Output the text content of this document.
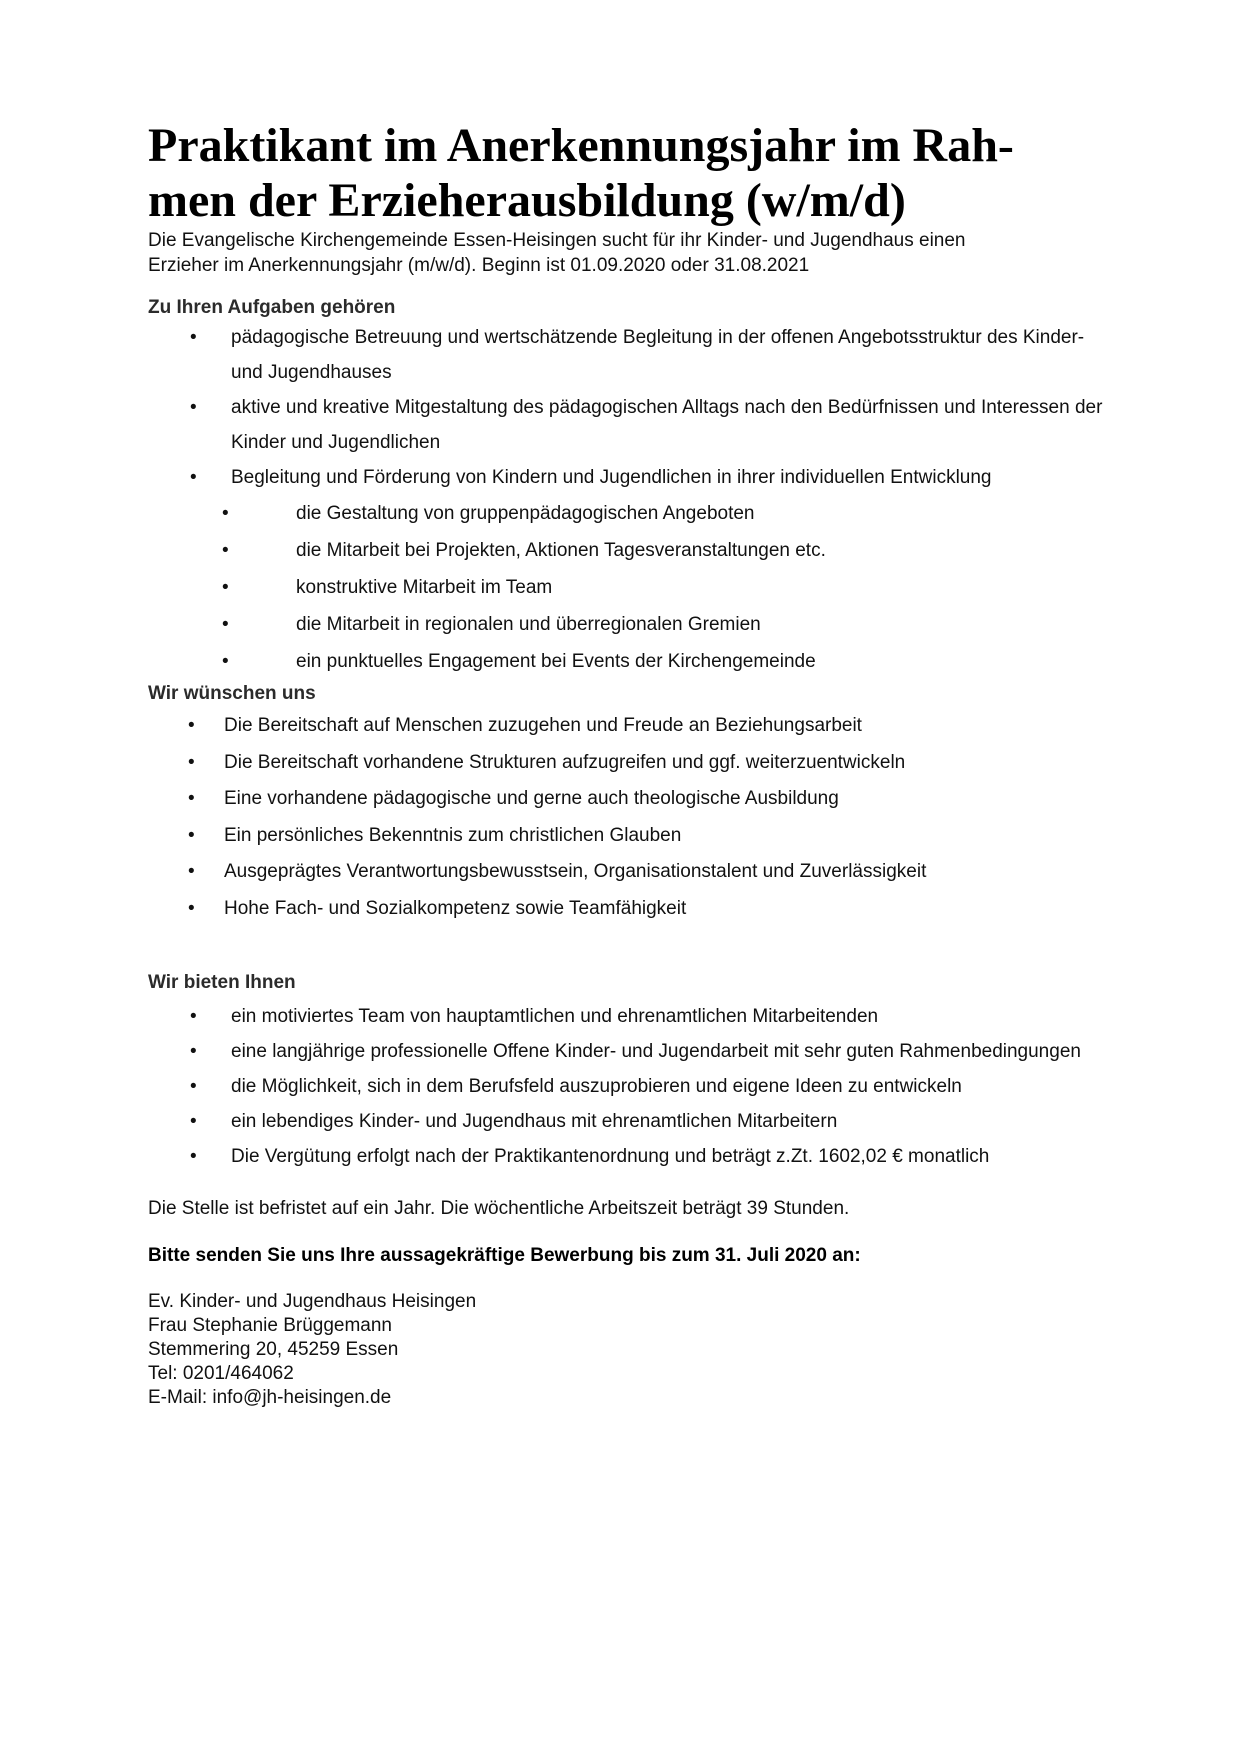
Praktikant im Anerkennungsjahr im Rah-
men der Erzieherausbildung (w/m/d)

Die Evangelische Kirchengemeinde Essen-Heisingen sucht für ihr Kinder- und Jugendhaus einen
Erzieher im Anerkennungsjahr (m/w/d). Beginn ist 01.09.2020 oder 31.08.2021

Zu Ihren Aufgaben gehören
• pädagogische Betreuung und wertschätzende Begleitung in der offenen Angebotsstruktur des Kinder- und Jugendhauses
• aktive und kreative Mitgestaltung des pädagogischen Alltags nach den Bedürfnissen und Interessen der Kinder und Jugendlichen
• Begleitung und Förderung von Kindern und Jugendlichen in ihrer individuellen Entwicklung
• die Gestaltung von gruppenpädagogischen Angeboten
• die Mitarbeit bei Projekten, Aktionen Tagesveranstaltungen etc.
• konstruktive Mitarbeit im Team
• die Mitarbeit in regionalen und überregionalen Gremien
• ein punktuelles Engagement bei Events der Kirchengemeinde
Wir wünschen uns
• Die Bereitschaft auf Menschen zuzugehen und Freude an Beziehungsarbeit
• Die Bereitschaft vorhandene Strukturen aufzugreifen und ggf. weiterzuentwickeln
• Eine vorhandene pädagogische und gerne auch theologische Ausbildung
• Ein persönliches Bekenntnis zum christlichen Glauben
• Ausgeprägtes Verantwortungsbewusstsein, Organisationstalent und Zuverlässigkeit
• Hohe Fach- und Sozialkompetenz sowie Teamfähigkeit
Wir bieten Ihnen
• ein motiviertes Team von hauptamtlichen und ehrenamtlichen Mitarbeitenden
• eine langjährige professionelle Offene Kinder- und Jugendarbeit mit sehr guten Rahmenbedingungen
• die Möglichkeit, sich in dem Berufsfeld auszuprobieren und eigene Ideen zu entwickeln
• ein lebendiges Kinder- und Jugendhaus mit ehrenamtlichen Mitarbeitern
• Die Vergütung erfolgt nach der Praktikantenordnung und beträgt z.Zt. 1602,02 € monatlich

Die Stelle ist befristet auf ein Jahr. Die wöchentliche Arbeitszeit beträgt 39 Stunden.

Bitte senden Sie uns Ihre aussagekräftige Bewerbung bis zum 31. Juli 2020 an:

Ev. Kinder- und Jugendhaus Heisingen
Frau Stephanie Brüggemann
Stemmering 20, 45259 Essen
Tel: 0201/464062
E-Mail: info@jh-heisingen.de
